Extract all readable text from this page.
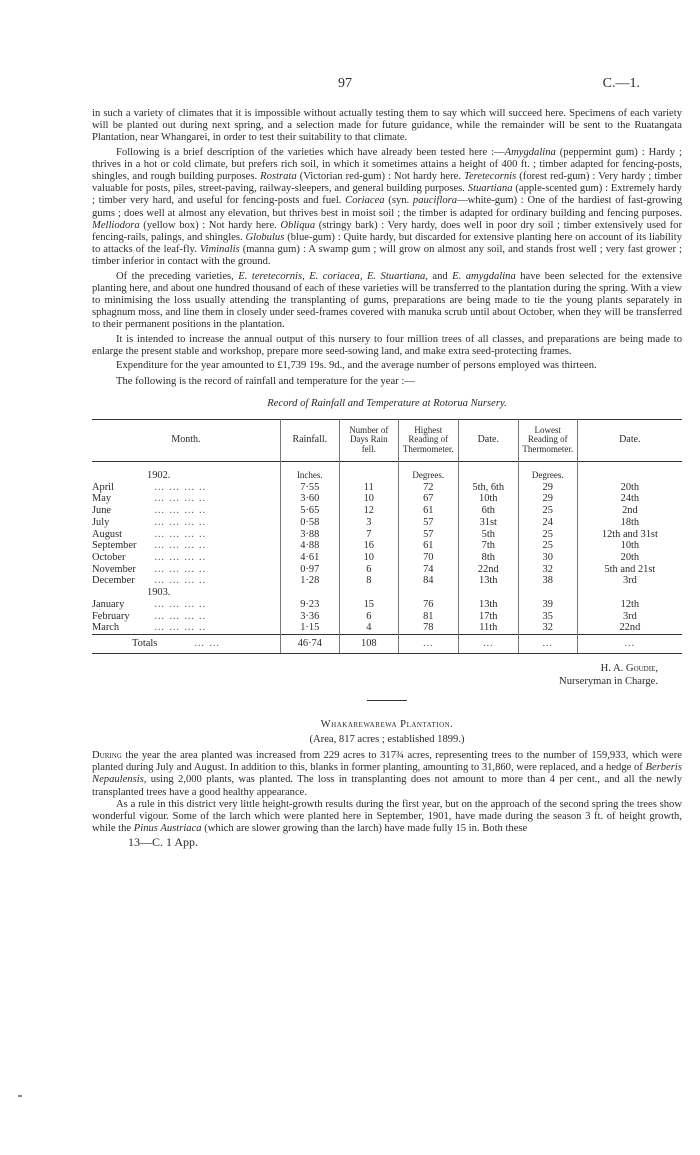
97	C.—1.

in such a variety of climates that it is impossible without actually testing them to say which will succeed here. Specimens of each variety will be planted out during next spring, and a selection made for future guidance, while the remainder will be sent to the Ruatangata Plantation, near Whangarei, in order to test their suitability to that climate.

Following is a brief description of the varieties which have already been tested here :—Amygdalina (peppermint gum) : Hardy ; thrives in a hot or cold climate, but prefers rich soil, in which it sometimes attains a height of 400 ft. ; timber adapted for fencing-posts, shingles, and rough building purposes. Rostrata (Victorian red-gum) : Not hardy here. Teretecornis (forest red-gum) : Very hardy ; timber valuable for posts, piles, street-paving, railway-sleepers, and general building purposes. Stuartiana (apple-scented gum) : Extremely hardy ; timber very hard, and useful for fencing-posts and fuel. Coriacea (syn. pauciflora—white-gum) : One of the hardiest of fast-growing gums ; does well at almost any elevation, but thrives best in moist soil ; the timber is adapted for ordinary building and fencing purposes. Melliodora (yellow box) : Not hardy here. Obliqua (stringy bark) : Very hardy, does well in poor dry soil ; timber extensively used for fencing-rails, palings, and shingles. Globulus (blue-gum) : Quite hardy, but discarded for extensive planting here on account of its liability to attacks of the leaf-fly. Viminalis (manna gum) : A swamp gum ; will grow on almost any soil, and stands frost well ; very fast grower ; timber inferior in contact with the ground.

Of the preceding varieties, E. teretecornis, E. coriacea, E. Stuartiana, and E. amygdalina have been selected for the extensive planting here, and about one hundred thousand of each of these varieties will be transferred to the plantation during the spring. With a view to minimising the loss usually attending the transplanting of gums, preparations are being made to tie the young plants separately in sphagnum moss, and line them in closely under seed-frames covered with manuka scrub until about October, when they will be transferred to their permanent positions in the plantation.

It is intended to increase the annual output of this nursery to four million trees of all classes, and preparations are being made to enlarge the present stable and workshop, prepare more seed-sowing land, and make extra seed-protecting frames.

Expenditure for the year amounted to £1,739 19s. 9d., and the average number of persons employed was thirteen.

The following is the record of rainfall and temperature for the year :—

Record of Rainfall and Temperature at Rotorua Nursery.
Month.	Rainfall.	Number of Days Rain fell.	Highest Reading of Thermometer.	Date.	Lowest Reading of Thermometer.	Date.
1902.	Inches.		Degrees.		Degrees.	
April … … … ..	7·55	11	72	5th, 6th	29	20th
May … … … ..	3·60	10	67	10th	29	24th
June … … … ..	5·65	12	61	6th	25	2nd
July … … … ..	0·58	3	57	31st	24	18th
August … … … ..	3·88	7	57	5th	25	12th and 31st
September … … … ..	4·88	16	61	7th	25	10th
October … … … ..	4·61	10	70	8th	30	20th
November … … … ..	0·97	6	74	22nd	32	5th and 21st
December … … … ..	1·28	8	84	13th	38	3rd
1903.						
January … … … ..	9·23	15	76	13th	39	12th
February … … … ..	3·36	6	81	17th	35	3rd
March … … … ..	1·15	4	78	11th	32	22nd
Totals … …	46·74	108	…	…	…	…
H. A. Goudie,
Nurseryman in Charge.
Whakarewarewa Plantation.
(Area, 817 acres ; established 1899.)

During the year the area planted was increased from 229 acres to 317¾ acres, representing trees to the number of 159,933, which were planted during July and August. In addition to this, blanks in former planting, amounting to 31,860, were replaced, and a hedge of Berberis Nepaulensis, using 2,000 plants, was planted. The loss in transplanting does not amount to more than 4 per cent., and all the newly transplanted trees have a good healthy appearance.

As a rule in this district very little height-growth results during the first year, but on the approach of the second spring the trees show wonderful vigour. Some of the larch which were planted here in September, 1901, have made during the season 3 ft. of height growth, while the Pinus Austriaca (which are slower growing than the larch) have made fully 15 in. Both these

13—C. 1 App.
